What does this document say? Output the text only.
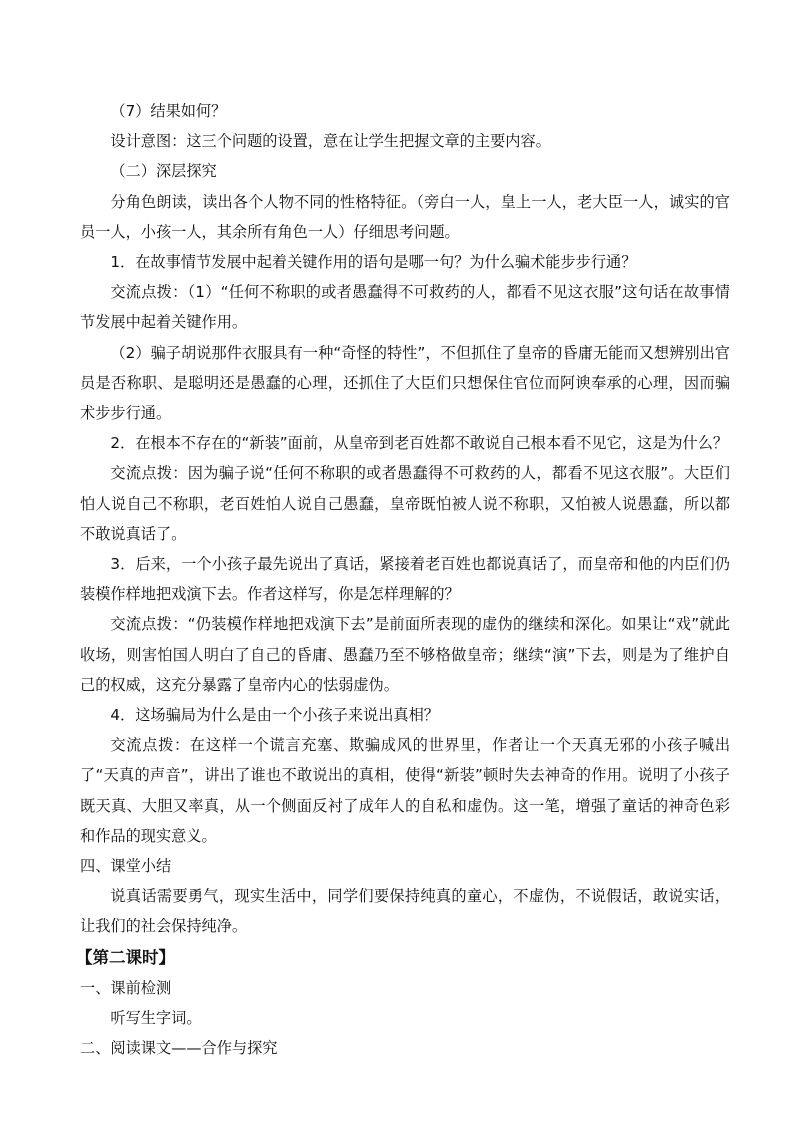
（7）结果如何？

设计意图：这三个问题的设置，意在让学生把握文章的主要内容。

（二）深层探究

分角色朗读，读出各个人物不同的性格特征。（旁白一人，皇上一人，老大臣一人，诚实的官员一人，小孩一人，其余所有角色一人）仔细思考问题。

1．在故事情节发展中起着关键作用的语句是哪一句？为什么骗术能步步行通？

交流点拨：（1）“任何不称职的或者愚蠢得不可救药的人，都看不见这衣服”这句话在故事情节发展中起着关键作用。

（2）骗子胡说那件衣服具有一种“奇怪的特性”，不但抓住了皇帝的昏庸无能而又想辨别出官员是否称职、是聪明还是愚蠢的心理，还抓住了大臣们只想保住官位而阿谀奉承的心理，因而骗术步步行通。

2．在根本不存在的“新装”面前，从皇帝到老百姓都不敢说自己根本看不见它，这是为什么？

交流点拨：因为骗子说“任何不称职的或者愚蠢得不可救药的人，都看不见这衣服”。大臣们怕人说自己不称职，老百姓怕人说自己愚蠢，皇帝既怕被人说不称职，又怕被人说愚蠢，所以都不敢说真话了。

3．后来，一个小孩子最先说出了真话，紧接着老百姓也都说真话了，而皇帝和他的内臣们仍装模作样地把戏演下去。作者这样写，你是怎样理解的？

交流点拨：“仍装模作样地把戏演下去”是前面所表现的虚伪的继续和深化。如果让“戏”就此收场，则害怕国人明白了自己的昏庸、愚蠢乃至不够格做皇帝；继续“演”下去，则是为了维护自己的权威，这充分暴露了皇帝内心的怯弱虚伪。

4．这场骗局为什么是由一个小孩子来说出真相？

交流点拨：在这样一个谎言充塞、欺骗成风的世界里，作者让一个天真无邪的小孩子喊出了“天真的声音”，讲出了谁也不敢说出的真相，使得“新装”顿时失去神奇的作用。说明了小孩子既天真、大胆又率真，从一个侧面反衬了成年人的自私和虚伪。这一笔，增强了童话的神奇色彩和作品的现实意义。

四、课堂小结

说真话需要勇气，现实生活中，同学们要保持纯真的童心，不虚伪，不说假话，敢说实话，让我们的社会保持纯净。

【第二课时】

一、课前检测

听写生字词。

二、阅读课文——合作与探究
